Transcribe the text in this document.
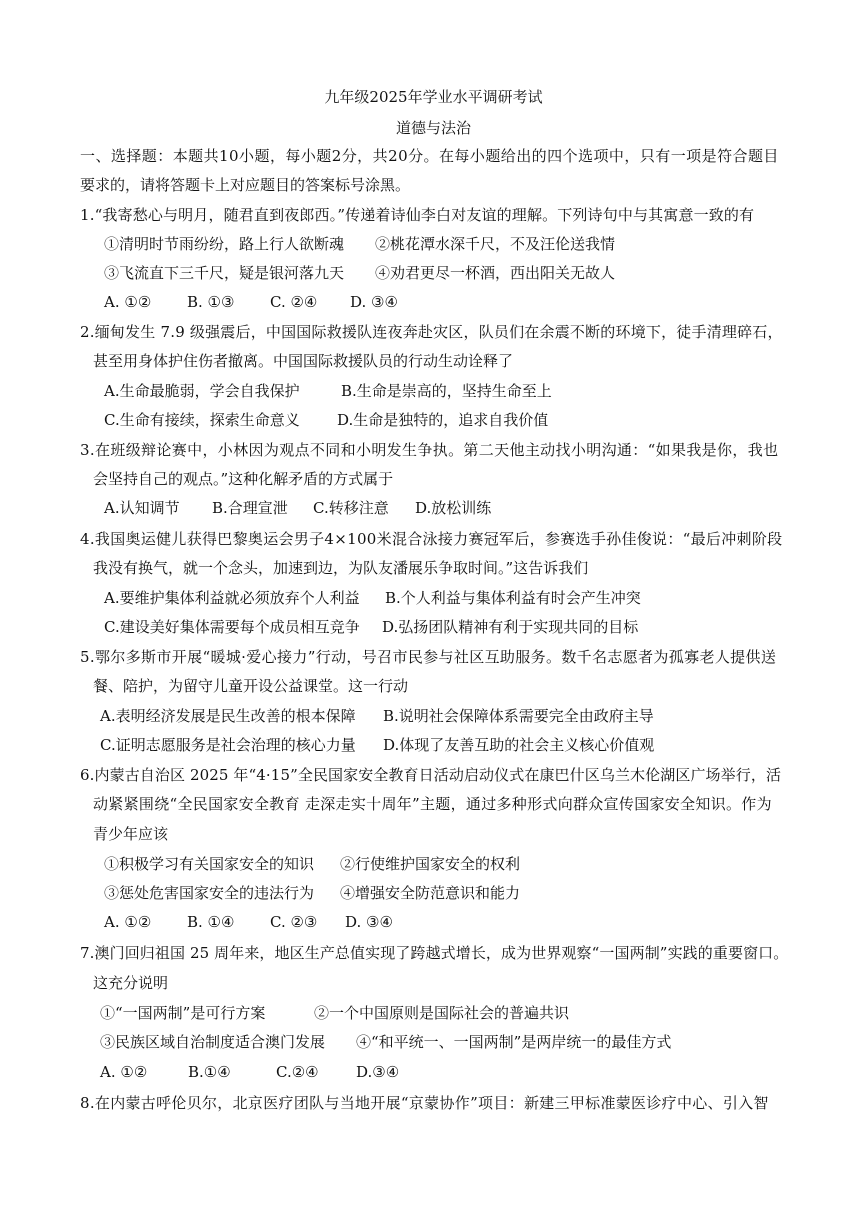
九年级2025年学业水平调研考试
道德与法治
一、选择题：本题共10小题，每小题2分，共20分。在每小题给出的四个选项中，只有一项是符合题目
要求的，请将答题卡上对应题目的答案标号涂黑。
1.“我寄愁心与明月，随君直到夜郎西。”传递着诗仙李白对友谊的理解。下列诗句中与其寓意一致的有
①清明时节雨纷纷，路上行人欲断魂	②桃花潭水深千尺，不及汪伦送我情
③飞流直下三千尺，疑是银河落九天	④劝君更尽一杯酒，西出阳关无故人
A. ①②	B. ①③	C. ②④	D. ③④
2.缅甸发生 7.9 级强震后，中国国际救援队连夜奔赴灾区，队员们在余震不断的环境下，徒手清理碎石，
甚至用身体护住伤者撤离。中国国际救援队员的行动生动诠释了
A.生命最脆弱，学会自我保护	B.生命是崇高的，坚持生命至上
C.生命有接续，探索生命意义	D.生命是独特的，追求自我价值
3.在班级辩论赛中，小林因为观点不同和小明发生争执。第二天他主动找小明沟通：“如果我是你，我也
会坚持自己的观点。”这种化解矛盾的方式属于
A.认知调节	B.合理宣泄	C.转移注意	D.放松训练
4.我国奥运健儿获得巴黎奥运会男子4×100米混合泳接力赛冠军后，参赛选手孙佳俊说：“最后冲刺阶段
我没有换气，就一个念头，加速到边，为队友潘展乐争取时间。”这告诉我们
A.要维护集体利益就必须放弃个人利益	B.个人利益与集体利益有时会产生冲突
C.建设美好集体需要每个成员相互竞争	D.弘扬团队精神有利于实现共同的目标
5.鄂尔多斯市开展“暖城·爱心接力”行动，号召市民参与社区互助服务。数千名志愿者为孤寡老人提供送
餐、陪护，为留守儿童开设公益课堂。这一行动
A.表明经济发展是民生改善的根本保障	B.说明社会保障体系需要完全由政府主导
C.证明志愿服务是社会治理的核心力量	D.体现了友善互助的社会主义核心价值观
6.内蒙古自治区 2025 年“4·15”全民国家安全教育日活动启动仪式在康巴什区乌兰木伦湖区广场举行，活
动紧紧围绕“全民国家安全教育 走深走实十周年”主题，通过多种形式向群众宣传国家安全知识。作为
青少年应该
①积极学习有关国家安全的知识	②行使维护国家安全的权利
③惩处危害国家安全的违法行为	④增强安全防范意识和能力
A. ①②	B. ①④	C. ②③	D. ③④
7.澳门回归祖国 25 周年来，地区生产总值实现了跨越式增长，成为世界观察“一国两制”实践的重要窗口。
这充分说明
①“一国两制”是可行方案	②一个中国原则是国际社会的普遍共识
③民族区域自治制度适合澳门发展	④“和平统一、一国两制”是两岸统一的最佳方式
A. ①②	B.①④	C.②④	D.③④
8.在内蒙古呼伦贝尔，北京医疗团队与当地开展“京蒙协作”项目：新建三甲标准蒙医诊疗中心、引入智
